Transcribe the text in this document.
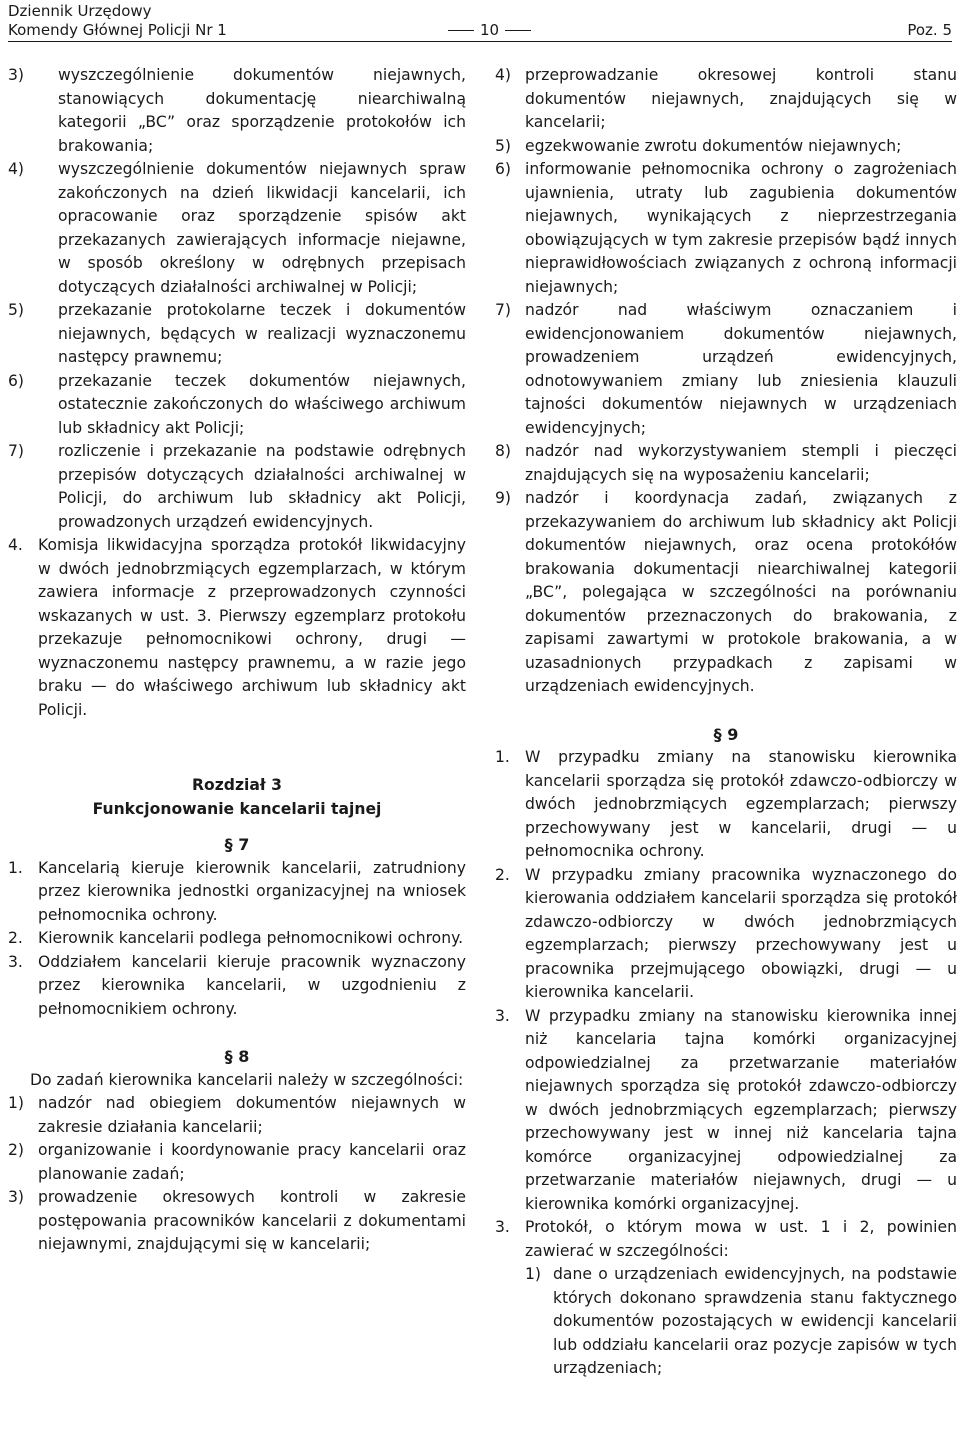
Dziennik Urzędowy
Komendy Głównej Policji Nr 1	10	Poz. 5

3) wyszczególnienie dokumentów niejawnych, stanowiących dokumentację niearchiwalną kategorii „BC” oraz sporządzenie protokołów ich brakowania;

4) wyszczególnienie dokumentów niejawnych spraw zakończonych na dzień likwidacji kancelarii, ich opracowanie oraz sporządzenie spisów akt przekazanych zawierających informacje niejawne, w sposób określony w odrębnych przepisach dotyczących działalności archiwalnej w Policji;

5) przekazanie protokolarne teczek i dokumentów niejawnych, będących w realizacji wyznaczonemu następcy prawnemu;

6) przekazanie teczek dokumentów niejawnych, ostatecznie zakończonych do właściwego archiwum lub składnicy akt Policji;

7) rozliczenie i przekazanie na podstawie odrębnych przepisów dotyczących działalności archiwalnej w Policji, do archiwum lub składnicy akt Policji, prowadzonych urządzeń ewidencyjnych.

4. Komisja likwidacyjna sporządza protokół likwidacyjny w dwóch jednobrzmiących egzemplarzach, w którym zawiera informacje z przeprowadzonych czynności wskazanych w ust. 3. Pierwszy egzemplarz protokołu przekazuje pełnomocnikowi ochrony, drugi — wyznaczonemu następcy prawnemu, a w razie jego braku — do właściwego archiwum lub składnicy akt Policji.

Rozdział 3

Funkcjonowanie kancelarii tajnej

§ 7

1. Kancelarią kieruje kierownik kancelarii, zatrudniony przez kierownika jednostki organizacyjnej na wniosek pełnomocnika ochrony.

2. Kierownik kancelarii podlega pełnomocnikowi ochrony.

3. Oddziałem kancelarii kieruje pracownik wyznaczony przez kierownika kancelarii, w uzgodnieniu z pełnomocnikiem ochrony.

§ 8

Do zadań kierownika kancelarii należy w szczególności:

1) nadzór nad obiegiem dokumentów niejawnych w zakresie działania kancelarii;

2) organizowanie i koordynowanie pracy kancelarii oraz planowanie zadań;

3) prowadzenie okresowych kontroli w zakresie postępowania pracowników kancelarii z dokumentami niejawnymi, znajdującymi się w kancelarii;

4) przeprowadzanie okresowej kontroli stanu dokumentów niejawnych, znajdujących się w kancelarii;

5) egzekwowanie zwrotu dokumentów niejawnych;

6) informowanie pełnomocnika ochrony o zagrożeniach ujawnienia, utraty lub zagubienia dokumentów niejawnych, wynikających z nieprzestrzegania obowiązujących w tym zakresie przepisów bądź innych nieprawidłowościach związanych z ochroną informacji niejawnych;

7) nadzór nad właściwym oznaczaniem i ewidencjonowaniem dokumentów niejawnych, prowadzeniem urządzeń ewidencyjnych, odnotowywaniem zmiany lub zniesienia klauzuli tajności dokumentów niejawnych w urządzeniach ewidencyjnych;

8) nadzór nad wykorzystywaniem stempli i pieczęci znajdujących się na wyposażeniu kancelarii;

9) nadzór i koordynacja zadań, związanych z przekazywaniem do archiwum lub składnicy akt Policji dokumentów niejawnych, oraz ocena protokółów brakowania dokumentacji niearchiwalnej kategorii „BC”, polegająca w szczególności na porównaniu dokumentów przeznaczonych do brakowania, z zapisami zawartymi w protokole brakowania, a w uzasadnionych przypadkach z zapisami w urządzeniach ewidencyjnych.

§ 9

1. W przypadku zmiany na stanowisku kierownika kancelarii sporządza się protokół zdawczo-odbiorczy w dwóch jednobrzmiących egzemplarzach; pierwszy przechowywany jest w kancelarii, drugi — u pełnomocnika ochrony.

2. W przypadku zmiany pracownika wyznaczonego do kierowania oddziałem kancelarii sporządza się protokół zdawczo-odbiorczy w dwóch jednobrzmiących egzemplarzach; pierwszy przechowywany jest u pracownika przejmującego obowiązki, drugi — u kierownika kancelarii.

3. W przypadku zmiany na stanowisku kierownika innej niż kancelaria tajna komórki organizacyjnej odpowiedzialnej za przetwarzanie materiałów niejawnych sporządza się protokół zdawczo-odbiorczy w dwóch jednobrzmiących egzemplarzach; pierwszy przechowywany jest w innej niż kancelaria tajna komórce organizacyjnej odpowiedzialnej za przetwarzanie materiałów niejawnych, drugi — u kierownika komórki organizacyjnej.

3. Protokół, o którym mowa w ust. 1 i 2, powinien zawierać w szczególności:

1) dane o urządzeniach ewidencyjnych, na podstawie których dokonano sprawdzenia stanu faktycznego dokumentów pozostających w ewidencji kancelarii lub oddziału kancelarii oraz pozycje zapisów w tych urządzeniach;
